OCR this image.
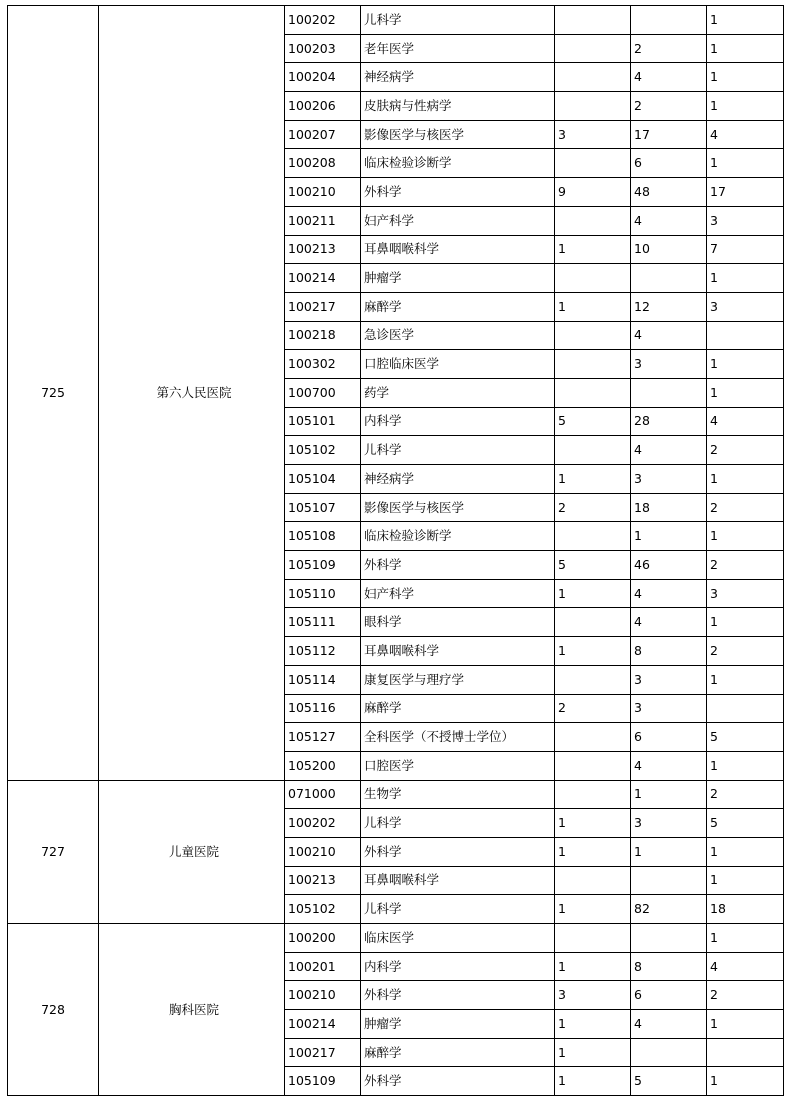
725	第六人民医院	100202	儿科学			1
		100203	老年医学		2	1
		100204	神经病学		4	1
		100206	皮肤病与性病学		2	1
		100207	影像医学与核医学	3	17	4
		100208	临床检验诊断学		6	1
		100210	外科学	9	48	17
		100211	妇产科学		4	3
		100213	耳鼻咽喉科学	1	10	7
		100214	肿瘤学			1
		100217	麻醉学	1	12	3
		100218	急诊医学		4	
		100302	口腔临床医学		3	1
		100700	药学			1
		105101	内科学	5	28	4
		105102	儿科学		4	2
		105104	神经病学	1	3	1
		105107	影像医学与核医学	2	18	2
		105108	临床检验诊断学		1	1
		105109	外科学	5	46	2
		105110	妇产科学	1	4	3
		105111	眼科学		4	1
		105112	耳鼻咽喉科学	1	8	2
		105114	康复医学与理疗学		3	1
		105116	麻醉学	2	3	
		105127	全科医学（不授博士学位）		6	5
		105200	口腔医学		4	1
727	儿童医院	071000	生物学		1	2
		100202	儿科学	1	3	5
		100210	外科学	1	1	1
		100213	耳鼻咽喉科学			1
		105102	儿科学	1	82	18
728	胸科医院	100200	临床医学			1
		100201	内科学	1	8	4
		100210	外科学	3	6	2
		100214	肿瘤学	1	4	1
		100217	麻醉学	1		
		105109	外科学	1	5	1
